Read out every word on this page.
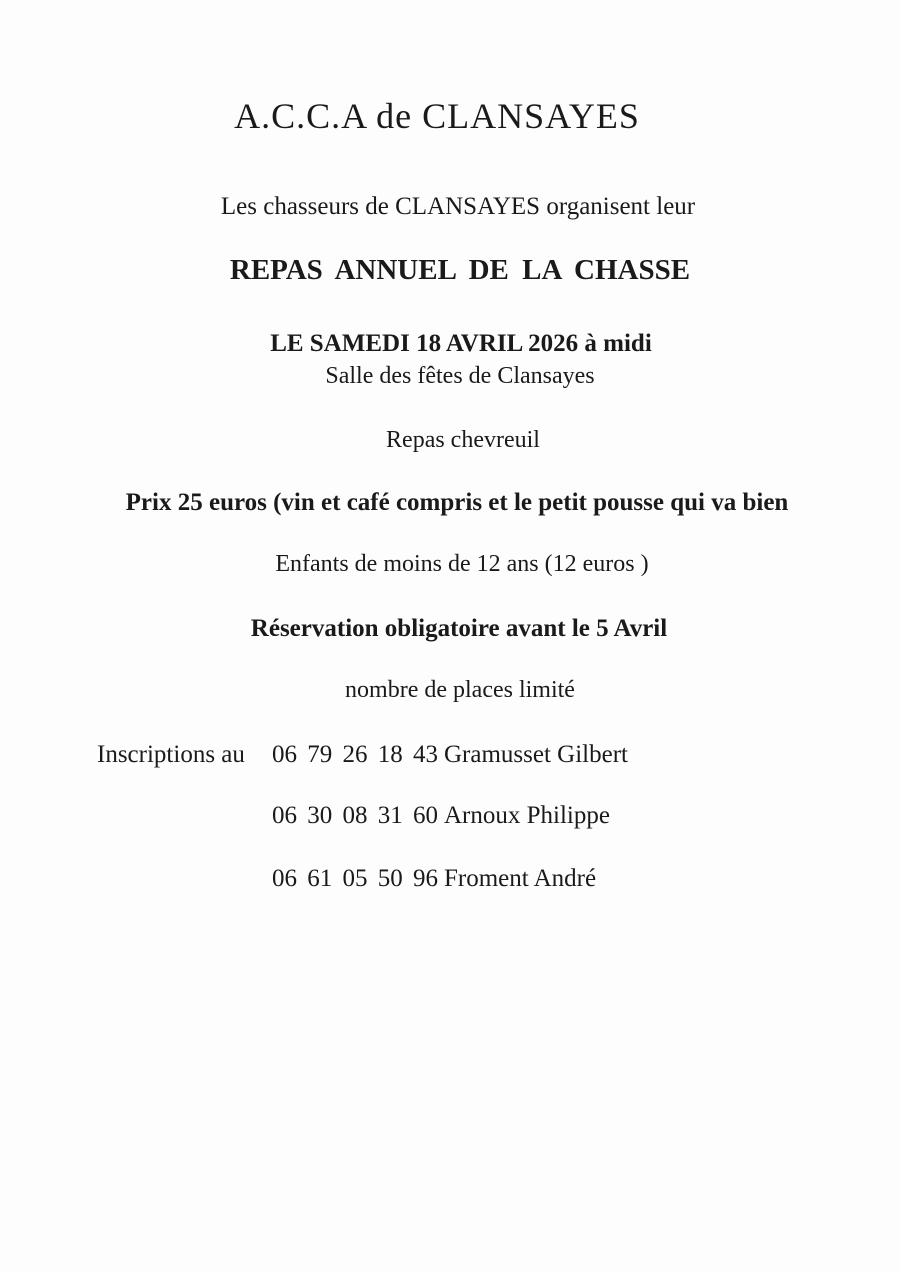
A.C.C.A de CLANSAYES
Les chasseurs de CLANSAYES organisent leur
REPAS ANNUEL DE LA CHASSE
LE SAMEDI 18 AVRIL 2026 à midi
Salle des fêtes de Clansayes
Repas chevreuil
Prix 25 euros (vin et café compris et le petit pousse qui va bien
Enfants de moins de 12 ans (12 euros )
Réservation obligatoire avant le 5 Avril
nombre de places limité
Inscriptions au 06 79 26 18 43 Gramusset Gilbert
06 30 08 31 60 Arnoux Philippe
06 61 05 50 96 Froment André
